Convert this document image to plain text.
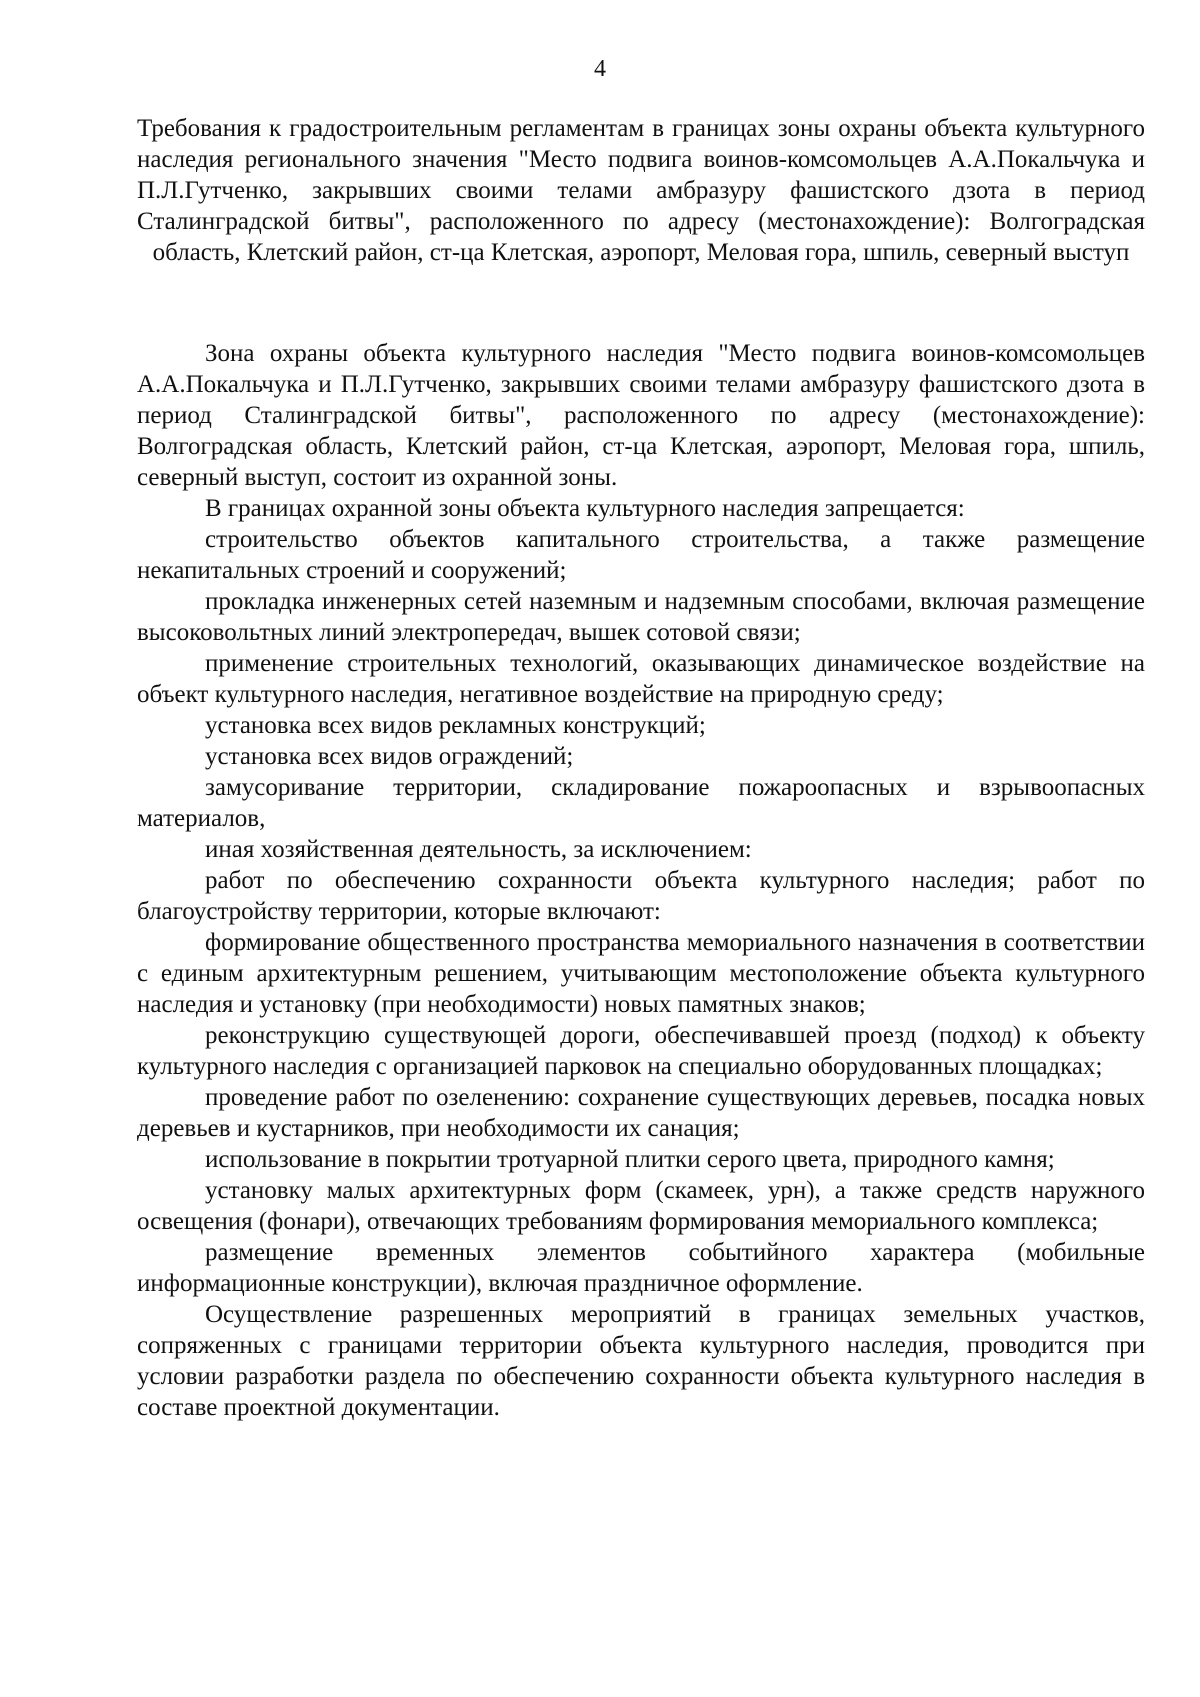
4
Требования к градостроительным регламентам в границах зоны охраны объекта культурного наследия регионального значения "Место подвига воинов-комсомольцев А.А.Покальчука и П.Л.Гутченко, закрывших своими телами амбразуру фашистского дзота в период Сталинградской битвы", расположенного по адресу (местонахождение): Волгоградская область, Клетский район, ст-ца Клетская, аэропорт, Меловая гора, шпиль, северный выступ

Зона охраны объекта культурного наследия "Место подвига воинов-комсомольцев А.А.Покальчука и П.Л.Гутченко, закрывших своими телами амбразуру фашистского дзота в период Сталинградской битвы", расположенного по адресу (местонахождение): Волгоградская область, Клетский район, ст-ца Клетская, аэропорт, Меловая гора, шпиль, северный выступ, состоит из охранной зоны.

В границах охранной зоны объекта культурного наследия запрещается:

строительство объектов капитального строительства, а также размещение некапитальных строений и сооружений;

прокладка инженерных сетей наземным и надземным способами, включая размещение высоковольтных линий электропередач, вышек сотовой связи;

применение строительных технологий, оказывающих динамическое воздействие на объект культурного наследия, негативное воздействие на природную среду;

установка всех видов рекламных конструкций;

установка всех видов ограждений;

замусоривание территории, складирование пожароопасных и взрывоопасных материалов,

иная хозяйственная деятельность, за исключением:

работ по обеспечению сохранности объекта культурного наследия; работ по благоустройству территории, которые включают:

формирование общественного пространства мемориального назначения в соответствии с единым архитектурным решением, учитывающим местоположение объекта культурного наследия и установку (при необходимости) новых памятных знаков;

реконструкцию существующей дороги, обеспечивавшей проезд (подход) к объекту культурного наследия с организацией парковок на специально оборудованных площадках;

проведение работ по озеленению: сохранение существующих деревьев, посадка новых деревьев и кустарников, при необходимости их санация;

использование в покрытии тротуарной плитки серого цвета, природного камня;

установку малых архитектурных форм (скамеек, урн), а также средств наружного освещения (фонари), отвечающих требованиям формирования мемориального комплекса;

размещение временных элементов событийного характера (мобильные информационные конструкции), включая праздничное оформление.

Осуществление разрешенных мероприятий в границах земельных участков, сопряженных с границами территории объекта культурного наследия, проводится при условии разработки раздела по обеспечению сохранности объекта культурного наследия в составе проектной документации.
